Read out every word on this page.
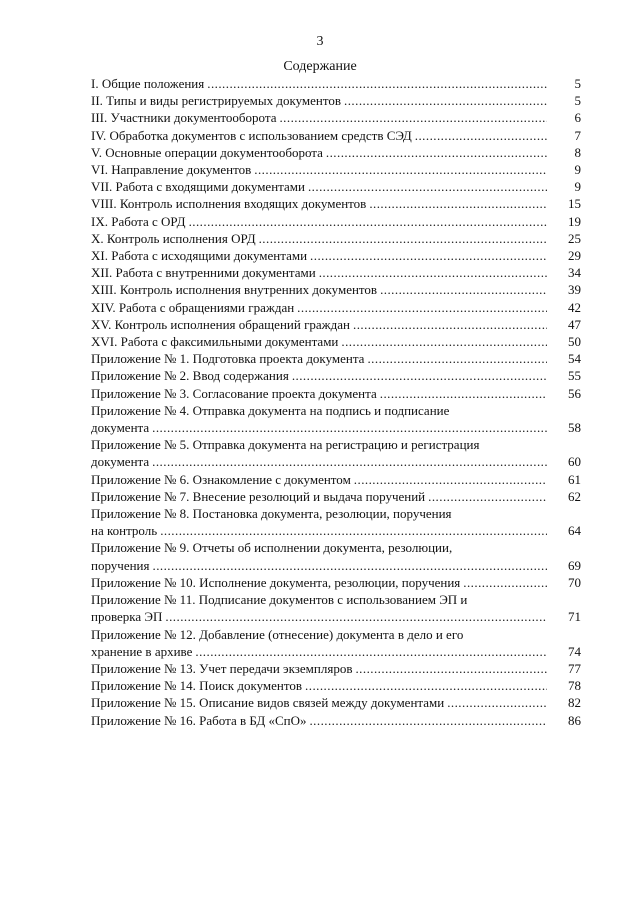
3
Содержание
I. Общие положения . . .	5
II. Типы и виды регистрируемых документов . . .	5
III. Участники документооборота . . .	6
IV. Обработка документов с использованием средств СЭД . . .	7
V. Основные операции документооборота . . .	8
VI. Направление документов . . .	9
VII. Работа с входящими документами . . .	9
VIII. Контроль исполнения входящих документов . . .	15
IX. Работа с ОРД . . .	19
X. Контроль исполнения ОРД . . .	25
XI. Работа с исходящими документами . . .	29
XII. Работа с внутренними документами . . .	34
XIII. Контроль исполнения внутренних документов . . .	39
XIV. Работа с обращениями граждан . . .	42
XV. Контроль исполнения обращений граждан . . .	47
XVI. Работа с факсимильными документами . . .	50
Приложение № 1. Подготовка проекта документа . . .	54
Приложение № 2. Ввод содержания . . .	55
Приложение № 3. Согласование проекта документа . . .	56
Приложение № 4. Отправка документа на подпись и подписание
документа . . .	58
Приложение № 5. Отправка документа на регистрацию и регистрация
документа . . .	60
Приложение № 6. Ознакомление с документом . . .	61
Приложение № 7. Внесение резолюций и выдача поручений . . .	62
Приложение № 8. Постановка документа, резолюции, поручения
на контроль . . .	64
Приложение № 9. Отчеты об исполнении документа, резолюции,
поручения . . .	69
Приложение № 10. Исполнение документа, резолюции, поручения . . .	70
Приложение № 11. Подписание документов с использованием ЭП и
проверка ЭП . . .	71
Приложение № 12. Добавление (отнесение) документа в дело и его
хранение в архиве . . .	74
Приложение № 13. Учет передачи экземпляров . . .	77
Приложение № 14. Поиск документов . . .	78
Приложение № 15. Описание видов связей между документами . . .	82
Приложение № 16. Работа в БД «СпО» . . .	86
